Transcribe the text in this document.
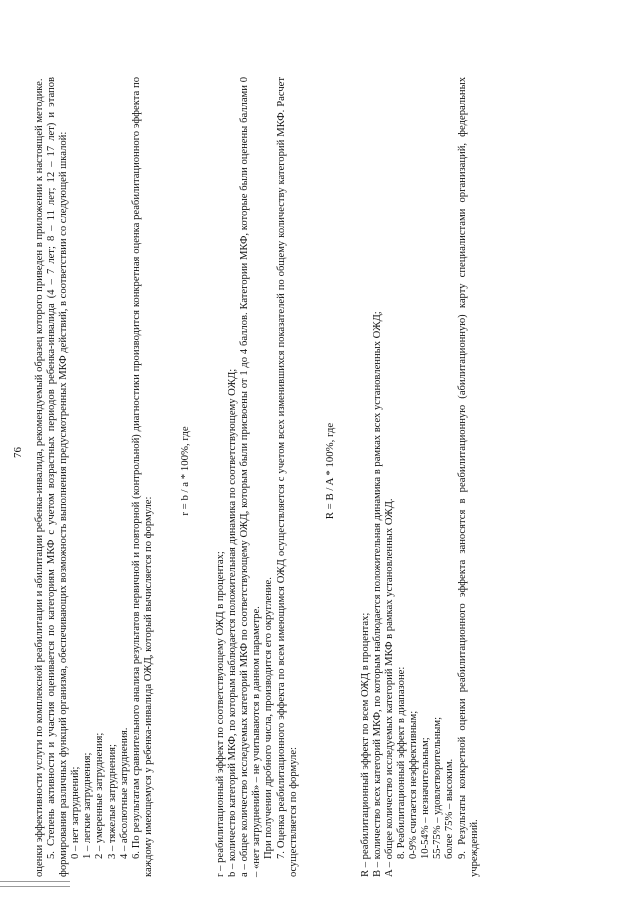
76 оценки эффективности услуги по комплексной реабилитации и абилитации ребенка-инвалида, рекомендуемый образец которого приведен в приложении к настоящей методике. 5. Степень активности и участия оценивается по категориям МКФ с учетом возрастных периодов ребенка-инвалида (4 – 7 лет; 8 – 11 лет; 12 – 17 лет) и этапов формирования различных функций организма, обеспечивающих возможность выполнения предусмотренных МКФ действий, в соответствии со следующей шкалой: 0 – нет затруднений; 1 – легкие затруднения; 2 – умеренные затруднения; 3 – тяжелые затруднения; 4 – абсолютные затруднения. 6. По результатам сравнительного анализа результатов первичной и повторной (контрольной) диагностики производится конкретная оценка реабилитационного эффекта по каждому имеющемуся у ребенка-инвалида ОЖД, который вычисляется по формуле:

r = b / a * 100%, где

r – реабилитационный эффект по соответствующему ОЖД в процентах; b – количество категорий МКФ, по которым наблюдается положительная динамика по соответствующему ОЖД; a – общее количество исследуемых категорий МКФ по соответствующему ОЖД, которым были присвоены от 1 до 4 баллов. Категории МКФ, которые были оценены баллами 0 – «нет затруднений» – не учитываются в данном параметре. При получении дробного числа, производится его округление. 7. Оценка реабилитационного эффекта по всем имеющимся ОЖД осуществляется с учетом всех изменившихся показателей по общему количеству категорий МКФ. Расчет осуществляется по формуле:

R = B / A * 100%, где

R – реабилитационный эффект по всем ОЖД в процентах; B – количество всех категорий МКФ, по которым наблюдается положительная динамика в рамках всех установленных ОЖД; A – общее количество исследуемых категорий МКФ в рамках установленных ОЖД. 8. Реабилитационный эффект в диапазоне: 0-9% считается неэффективным; 10-54% – незначительным; 55-75% – удовлетворительным; более 75% – высоким. 9. Результаты конкретной оценки реабилитационного эффекта заносятся в реабилитационную (абилитационную) карту специалистами организаций, федеральных учреждений.
